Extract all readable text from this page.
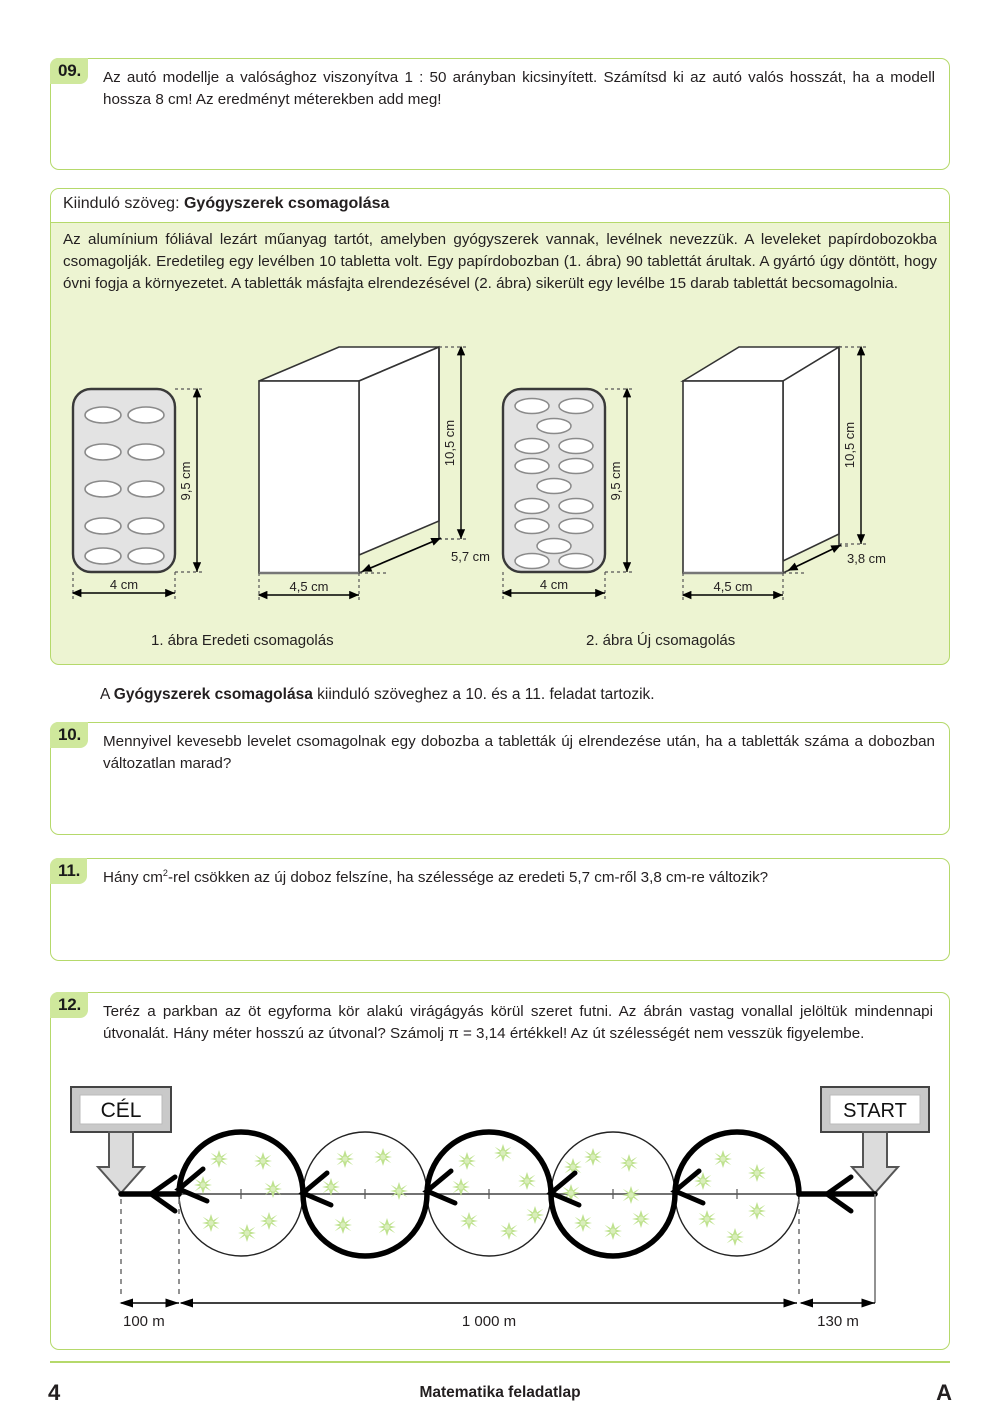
09.	Az autó modellje a valósághoz viszonyítva 1 : 50 arányban kicsinyített. Számítsd ki az autó valós hosszát, ha a modell hossza 8 cm! Az eredményt méterekben add meg!
Kiinduló szöveg: Gyógyszerek csomagolása
Az alumínium fóliával lezárt műanyag tartót, amelyben gyógyszerek vannak, levélnek nevezzük. A leveleket papírdobozokba csomagolják. Eredetileg egy levélben 10 tabletta volt. Egy papírdobozban (1. ábra) 90 tablettát árultak. A gyártó úgy döntött, hogy óvni fogja a környezetet. A tabletták másfajta elrendezésével (2. ábra) sikerült egy levélbe 15 darab tablettát becsomagolnia.
9,5 cm
4 cm
10,5 cm
4,5 cm
5,7 cm
9,5 cm
4 cm
10,5 cm
4,5 cm
3,8 cm
1. ábra Eredeti csomagolás	2. ábra Új csomagolás
A Gyógyszerek csomagolása kiinduló szöveghez a 10. és a 11. feladat tartozik.
10.	Mennyivel kevesebb levelet csomagolnak egy dobozba a tabletták új elrendezése után, ha a tabletták száma a dobozban változatlan marad?
11.	Hány $cm^2$-rel csökken az új doboz felszíne, ha szélessége az eredeti 5,7 cm-ről 3,8 cm-re változik?
12.	Teréz a parkban az öt egyforma kör alakú virágágyás körül szeret futni. Az ábrán vastag vonallal jelöltük mindennapi útvonalát. Hány méter hosszú az útvonal? Számolj π = 3,14 értékkel! Az út szélességét nem vesszük figyelembe.
CÉL	START
100 m	1 000 m	130 m
4	Matematika feladatlap	A
